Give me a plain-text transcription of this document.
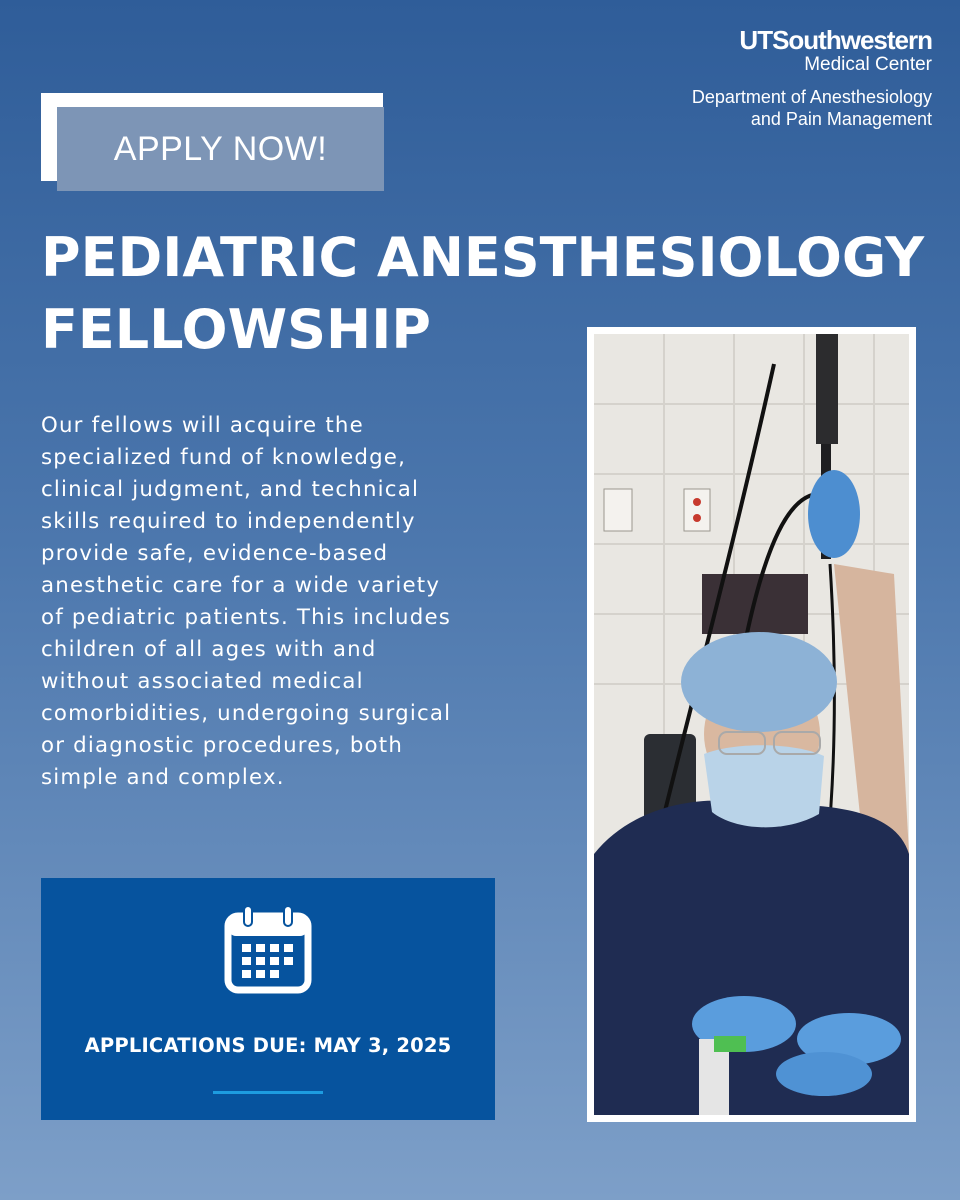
UTSouthwestern
Medical Center
Department of Anesthesiology
and Pain Management
APPLY NOW!
PEDIATRIC ANESTHESIOLOGY
FELLOWSHIP
Our fellows will acquire the
specialized fund of knowledge,
clinical judgment, and technical
skills required to independently
provide safe, evidence-based
anesthetic care for a wide variety
of pediatric patients. This includes
children of all ages with and
without associated medical
comorbidities, undergoing surgical
or diagnostic procedures, both
simple and complex.
APPLICATIONS DUE: MAY 3, 2025
